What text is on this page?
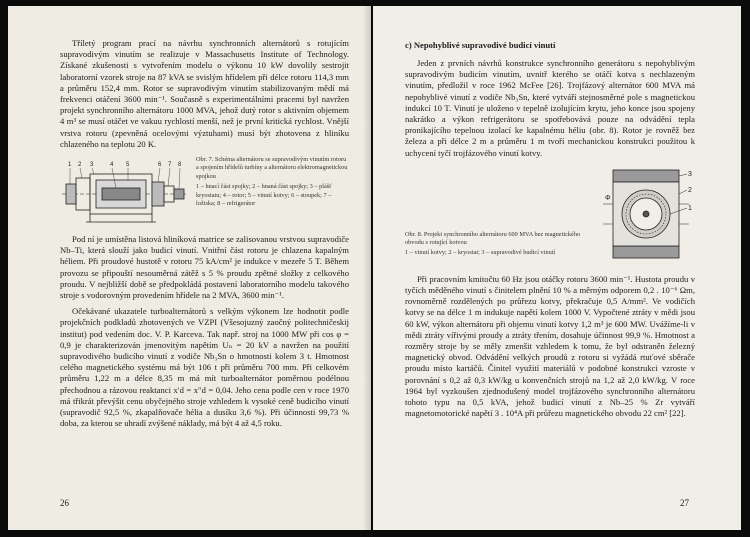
Tříletý program prací na návrhu synchronních alternátorů s rotujícím supravodivým vinutím se realizuje v Massachusetts Institute of Technology. Získané zkušenosti s vytvořením modelu o výkonu 10 kW dovolily sestrojit laboratorní vzorek stroje na 87 kVA se svislým hřídelem při délce rotoru 114,3 mm a průměru 152,4 mm. Rotor se supravodivým vinutím stabilizovaným mědí má frekvenci otáčení 3600 min⁻¹. Současně s experimentálními pracemi byl navržen projekt synchronního alternátoru 1000 MVA, jehož dutý rotor s aktivním objemem 4 m³ se musí otáčet ve vakuu rychlostí menší, než je první kritická rychlost. Vnější vrstva rotoru (zpevněná ocelovými výztuhami) musí být zhotovena z hliníku chlazeného na teplotu 20 K.

1 2 3	4 5	6 7 8
Obr. 7. Schéma alternátoru se supravodivým vinutím rotoru a spojením hřídelů turbíny a alternátoru elektromagnetickou spojkou
1 – hnací část spojky; 2 – hnaná část spojky; 3 – plášť kryostatu; 4 – rotor; 5 – vinutí kotvy; 6 – stoupek; 7 – ložiska; 8 – refrigerátor

Pod ní je umístěna listová hliníková matrice se zalisovanou vrstvou supravodiče Nb–Ti, která slouží jako budicí vinutí. Vnitřní část rotoru je chlazena kapalným héliem. Při proudové hustotě v rotoru 75 kA/cm² je indukce v mezeře 5 T. Během provozu se připouští nesouměrná zátěž s 5 % proudu zpětné složky z celkového proudu. V nejbližší době se předpokládá postavení laboratorního modelu takového stroje s vodorovným provedením hřídele na 2 MVA, 3600 min⁻¹.

Očekávané ukazatele turboalternátorů s velkým výkonem lze hodnotit podle projekčních podkladů zhotovených ve VZPI (Všesojuzný zaočný politechničeskij institut) pod vedením doc. V. P. Karceva. Tak např. stroj na 1000 MW při cos φ = 0,9 je charakterizován jmenovitým napětím Uₙ = 20 kV a navržen na použití supravodivého budicího vinutí z vodiče Nb₃Sn o hmotnosti kolem 3 t. Hmotnost celého magnetického systému má být 106 t při průměru 700 mm. Při celkovém průměru 1,22 m a délce 8,35 m má mít turboalternátor poměrnou podélnou přechodnou a rázovou reaktanci x′d = x″d = 0,04. Jeho cena podle cen v roce 1970 má třikrát převýšit cenu obyčejného stroje vzhledem k vysoké ceně budicího vinutí (supravodič 92,5 %, zkapalňovače hélia a dusíku 3,6 %). Při účinnosti 99,73 % doba, za kterou se uhradí zvýšené náklady, má být 4 až 4,5 roku.

26
c) Nepohyblivé supravodivé budicí vinutí

Jeden z prvních návrhů konstrukce synchronního generátoru s nepohyblivým supravodivým budicím vinutím, uvnitř kterého se otáčí kotva s nechlazeným vinutím, předložil v roce 1962 McFee [26]. Trojfázový alternátor 600 MVA má nepohyblivé vinutí z vodiče Nb₃Sn, které vytváří stejnosměrné pole s magnetickou indukcí 10 T. Vinutí je uloženo v tepelně izolujícím krytu, jeho konce jsou spojeny nakrátko a výkon refrigerátoru se spotřebovává pouze na odvádění tepla pronikajícího tepelnou izolací ke kapalnému héliu (obr. 8). Rotor je rovněž bez železa a při délce 2 m a průměru 1 m tvoří mechanickou konstrukci použitou k uchycení tyčí trojfázového vinutí kotvy.

Obr. 8. Projekt synchronního alternátoru 600 MVA bez magnetického obvodu s rotující kotvou
1 – vinutí kotvy; 2 – kryostat; 3 – supravodivé budicí vinutí
3
2
1
Φ

Při pracovním kmitočtu 60 Hz jsou otáčky rotoru 3600 min⁻¹. Hustota proudu v tyčích měděného vinutí s činitelem plnění 10 % a měrným odporem 0,2 . 10⁻⁶ Ωm, rovnoměrně rozdělených po průřezu kotvy, překračuje 0,5 A/mm². Ve vodičích kotvy se na délce 1 m indukuje napětí kolem 1000 V. Vypočtené ztráty v mědi jsou 60 kW, výkon alternátoru při objemu vinutí kotvy 1,2 m³ je 600 MW. Uvážíme-li v mědi ztráty vířivými proudy a ztráty třením, dosahuje účinnost 99,9 %. Hmotnost a rozměry stroje by se měly zmenšit vzhledem k tomu, že byl odstraněn železný magnetický obvod. Odvádění velkých proudů z rotoru si vyžádá rtuťové sběrače proudu místo kartáčů. Činitel využití materiálů v podobné konstrukci vzroste v porovnání s 0,2 až 0,3 kW/kg u konvenčních strojů na 1,2 až 2,0 kW/kg. V roce 1964 byl vyzkoušen zjednodušený model trojfázového synchronního alternátoru tohoto typu na 0,5 kVA, jehož budicí vinutí z Nb–25 % Zr vytváří magnetomotorické napětí 3 . 10⁴A při průřezu magnetického obvodu 22 cm² [22].

27
